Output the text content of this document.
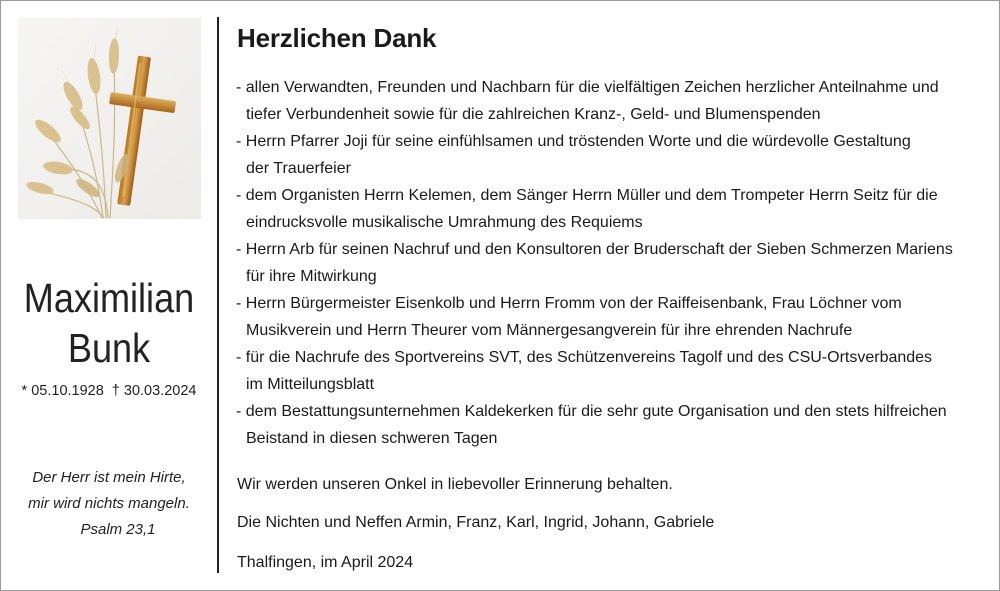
Maximilian
Bunk
* 05.10.1928 † 30.03.2024
Der Herr ist mein Hirte,
mir wird nichts mangeln.
Psalm 23,1
Herzlichen Dank
- allen Verwandten, Freunden und Nachbarn für die vielfältigen Zeichen herzlicher Anteilnahme und
tiefer Verbundenheit sowie für die zahlreichen Kranz-, Geld- und Blumenspenden
- Herrn Pfarrer Joji für seine einfühlsamen und tröstenden Worte und die würdevolle Gestaltung
der Trauerfeier
- dem Organisten Herrn Kelemen, dem Sänger Herrn Müller und dem Trompeter Herrn Seitz für die
eindrucksvolle musikalische Umrahmung des Requiems
- Herrn Arb für seinen Nachruf und den Konsultoren der Bruderschaft der Sieben Schmerzen Mariens
für ihre Mitwirkung
- Herrn Bürgermeister Eisenkolb und Herrn Fromm von der Raiffeisenbank, Frau Löchner vom
Musikverein und Herrn Theurer vom Männergesangverein für ihre ehrenden Nachrufe
- für die Nachrufe des Sportvereins SVT, des Schützenvereins Tagolf und des CSU-Ortsverbandes
im Mitteilungsblatt
- dem Bestattungsunternehmen Kaldekerken für die sehr gute Organisation und den stets hilfreichen
Beistand in diesen schweren Tagen
Wir werden unseren Onkel in liebevoller Erinnerung behalten.
Die Nichten und Neffen Armin, Franz, Karl, Ingrid, Johann, Gabriele
Thalfingen, im April 2024
